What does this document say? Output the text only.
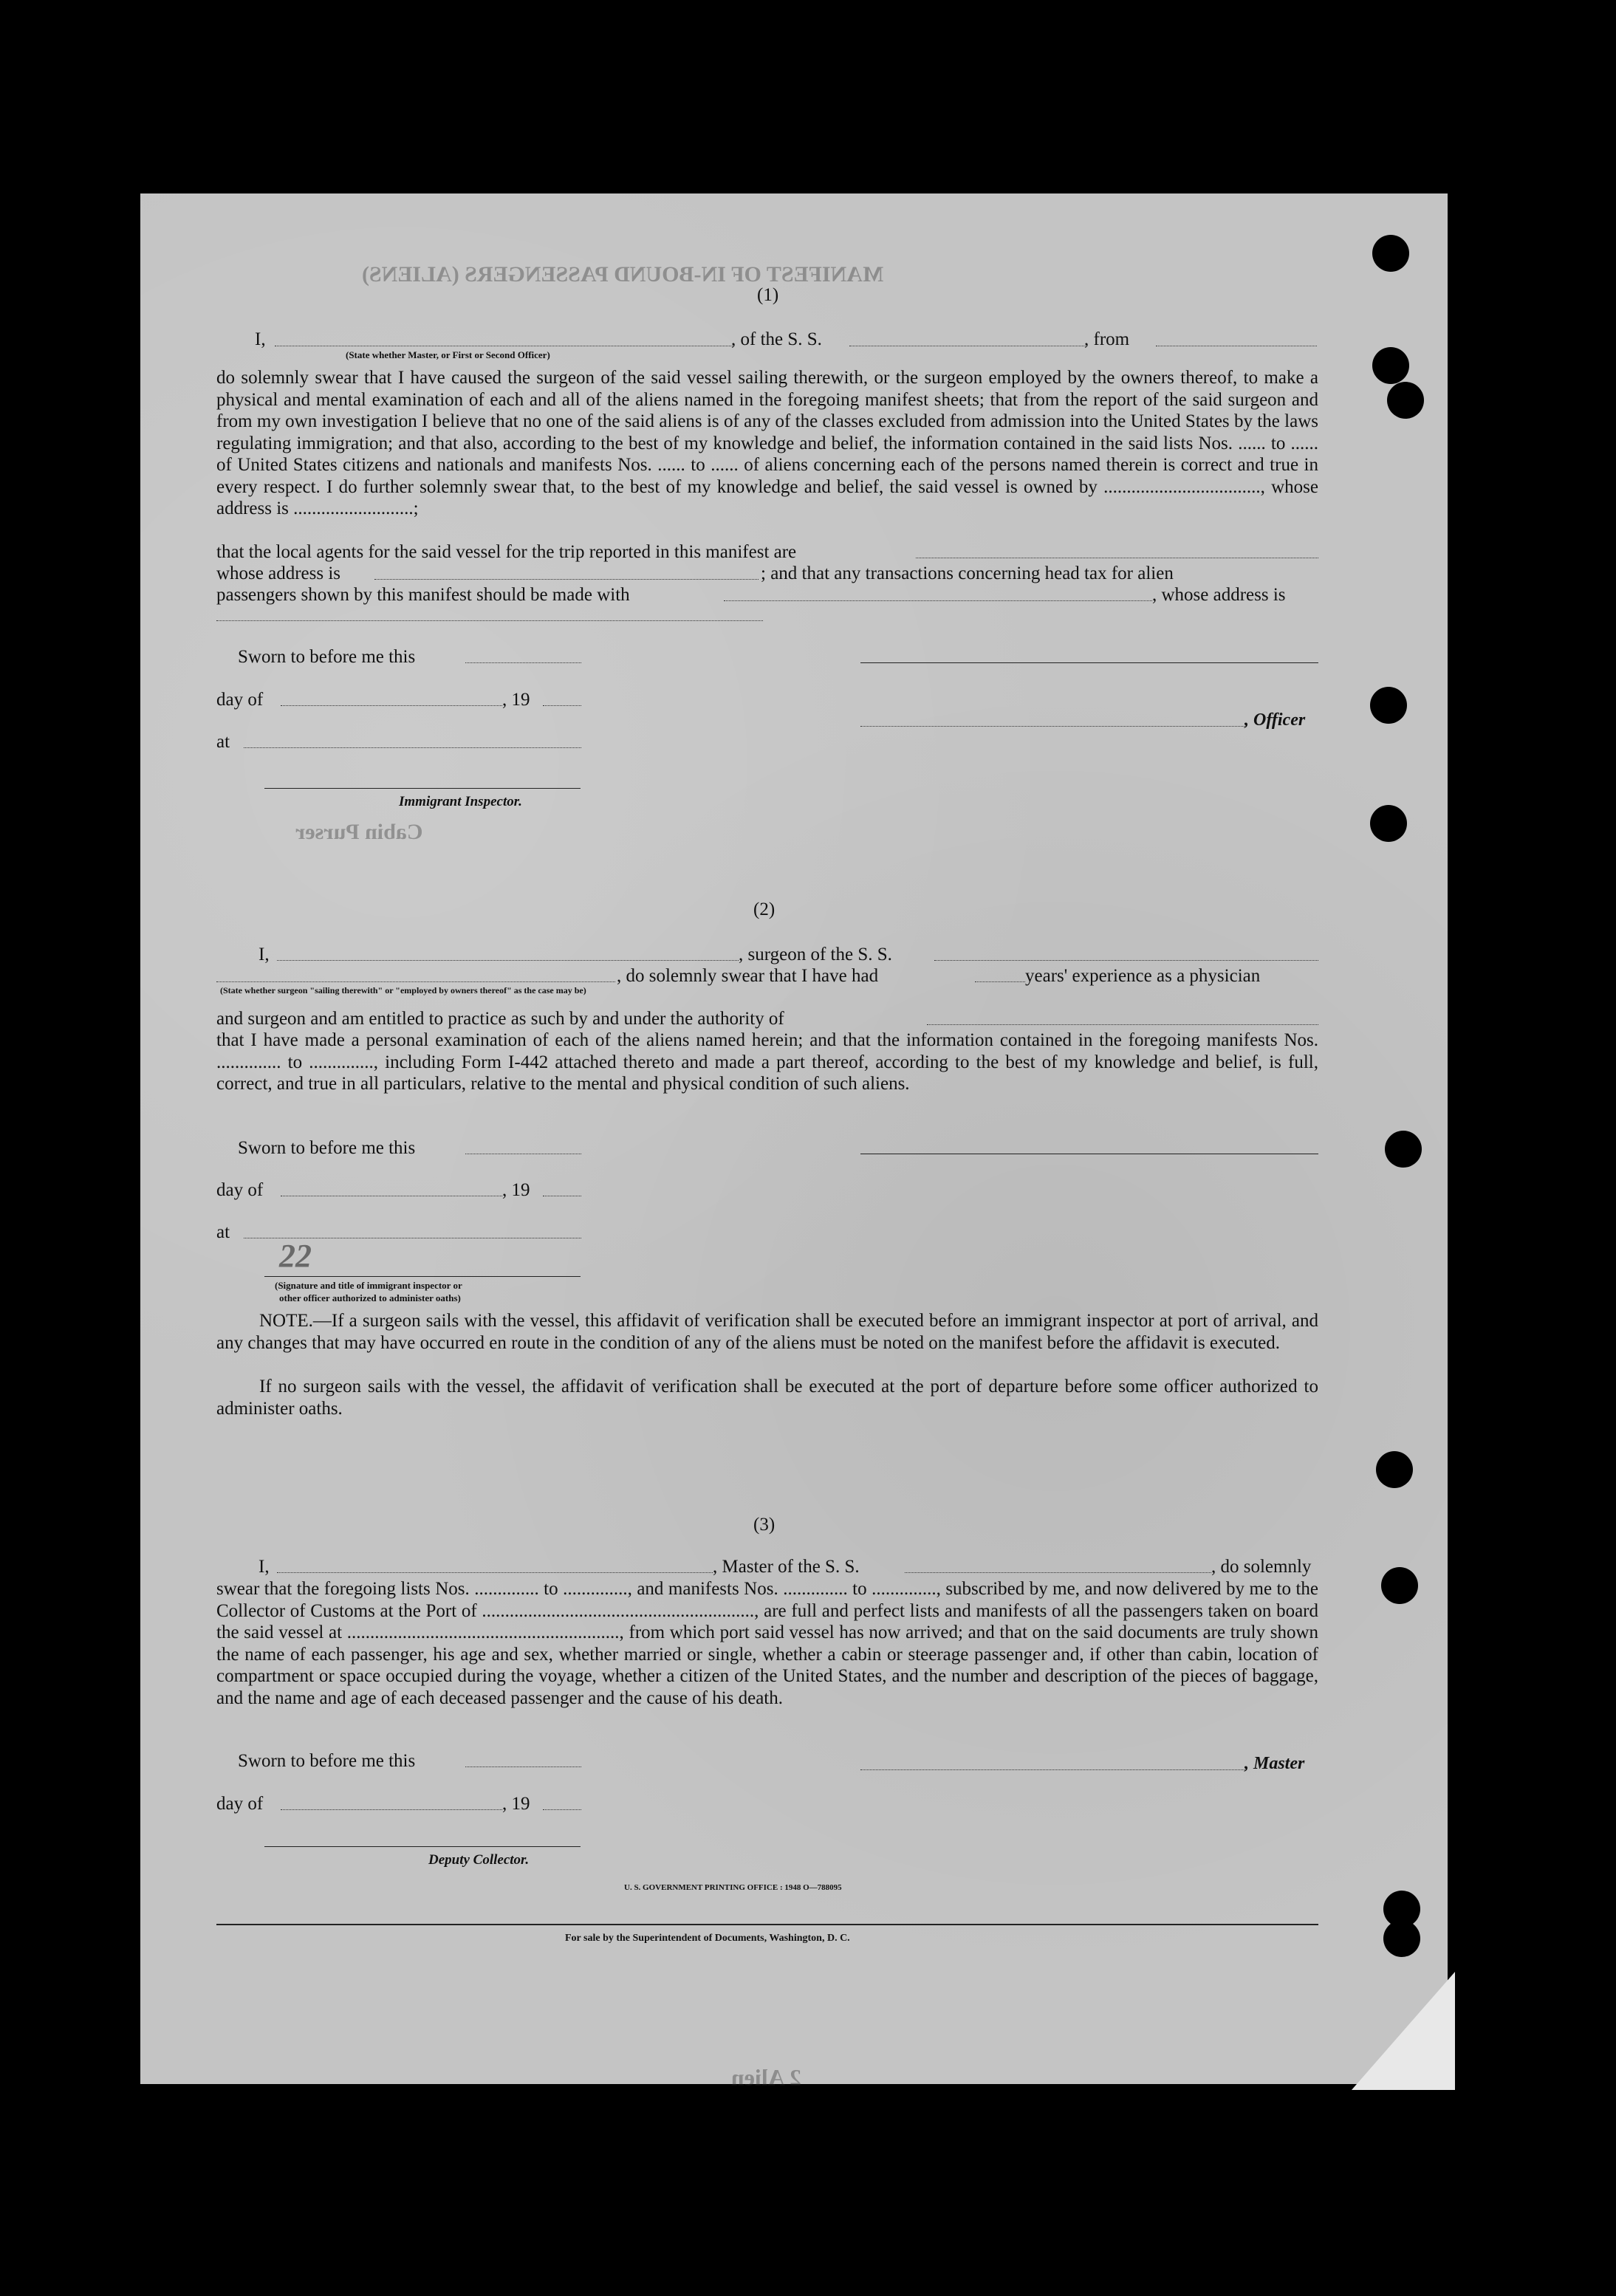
MANIFEST OF IN-BOUND PASSENGERS (ALIENS)
Cabin Purser
2 Alien
(1)
I,
(State whether Master, or First or Second Officer)
, of the S. S.	, from
do solemnly swear that I have caused the surgeon of the said vessel sailing therewith, or the surgeon employed by the owners thereof, to make a physical and mental examination of each and all of the aliens named in the foregoing manifest sheets; that from the report of the said surgeon and from my own investigation I believe that no one of the said aliens is of any of the classes excluded from admission into the United States by the laws regulating immigration; and that also, according to the best of my knowledge and belief, the information contained in the said lists Nos. ...... to ...... of United States citizens and nationals and manifests Nos. ...... to ...... of aliens concerning each of the persons named therein is correct and true in every respect. I do further solemnly swear that, to the best of my knowledge and belief, the said vessel is owned by .................................., whose address is ..........................;
that the local agents for the said vessel for the trip reported in this manifest are
whose address is	; and that any transactions concerning head tax for alien
passengers shown by this manifest should be made with	, whose address is
Sworn to before me this
day of	, 19
, Officer
at
Immigrant Inspector.
(2)
I,	, surgeon of the S. S.
, do solemnly swear that I have had	years' experience as a physician
(State whether surgeon "sailing therewith" or "employed by owners thereof" as the case may be)
and surgeon and am entitled to practice as such by and under the authority of
that I have made a personal examination of each of the aliens named herein; and that the information contained in the foregoing manifests Nos. .............. to .............., including Form I-442 attached thereto and made a part thereof, according to the best of my knowledge and belief, is full, correct, and true in all particulars, relative to the mental and physical condition of such aliens.
Sworn to before me this
day of	, 19
at
22
(Signature and title of immigrant inspector or
other officer authorized to administer oaths)
NOTE.—If a surgeon sails with the vessel, this affidavit of verification shall be executed before an immigrant inspector at port of arrival, and any changes that may have occurred en route in the condition of any of the aliens must be noted on the manifest before the affidavit is executed.
If no surgeon sails with the vessel, the affidavit of verification shall be executed at the port of departure before some officer authorized to administer oaths.
(3)
I,	, Master of the S. S.	, do solemnly
swear that the foregoing lists Nos. .............. to .............., and manifests Nos. .............. to .............., subscribed by me, and now delivered by me to the Collector of Customs at the Port of ..........................................................., are full and perfect lists and manifests of all the passengers taken on board the said vessel at ..........................................................., from which port said vessel has now arrived; and that on the said documents are truly shown the name of each passenger, his age and sex, whether married or single, whether a cabin or steerage passenger and, if other than cabin, location of compartment or space occupied during the voyage, whether a citizen of the United States, and the number and description of the pieces of baggage, and the name and age of each deceased passenger and the cause of his death.
Sworn to before me this	, Master
day of	, 19
Deputy Collector.
U. S. GOVERNMENT PRINTING OFFICE : 1948 O—788095
For sale by the Superintendent of Documents, Washington, D. C.
